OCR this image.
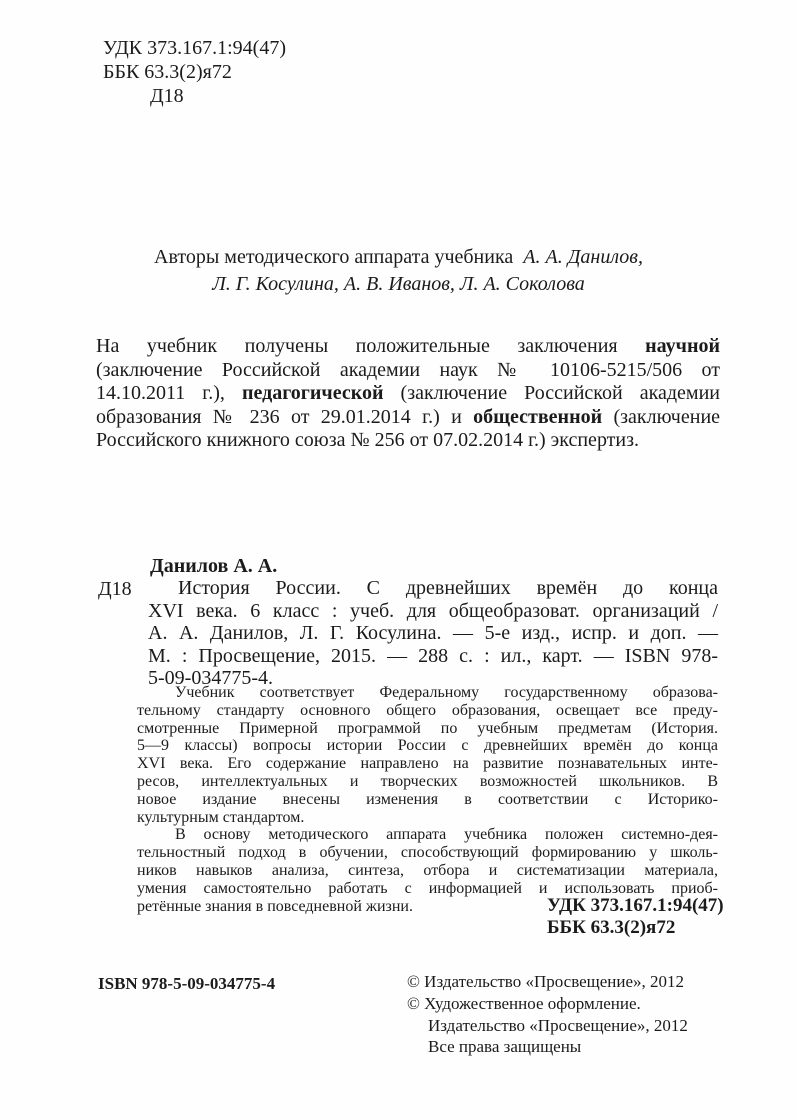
УДК 373.167.1:94(47)
ББК 63.3(2)я72
Д18
Авторы методического аппарата учебника А. А. Данилов,
Л. Г. Косулина, А. В. Иванов, Л. А. Соколова
На учебник получены положительные заключения научной
(заключение Российской академии наук № 10106-5215/506 от
14.10.2011 г.), педагогической (заключение Российской академии
образования № 236 от 29.01.2014 г.) и общественной (заключение
Российского книжного союза № 256 от 07.02.2014 г.) экспертиз.
Данилов А. А.
Д18	История России. С древнейших времён до конца
XVI века. 6 класс : учеб. для общеобразоват. организаций /
А. А. Данилов, Л. Г. Косулина. — 5-е изд., испр. и доп. —
М. : Просвещение, 2015. — 288 с. : ил., карт. — ISBN 978-
5-09-034775-4.
Учебник соответствует Федеральному государственному образова-
тельному стандарту основного общего образования, освещает все преду-
смотренные Примерной программой по учебным предметам (История.
5—9 классы) вопросы истории России с древнейших времён до конца
XVI века. Его содержание направлено на развитие познавательных инте-
ресов, интеллектуальных и творческих возможностей школьников. В
новое издание внесены изменения в соответствии с Историко-
культурным стандартом.
В основу методического аппарата учебника положен системно-дея-
тельностный подход в обучении, способствующий формированию у школь-
ников навыков анализа, синтеза, отбора и систематизации материала,
умения самостоятельно работать с информацией и использовать приоб-
ретённые знания в повседневной жизни.	УДК 373.167.1:94(47)
ББК 63.3(2)я72
ISBN 978-5-09-034775-4	© Издательство «Просвещение», 2012
© Художественное оформление.
Издательство «Просвещение», 2012
Все права защищены
